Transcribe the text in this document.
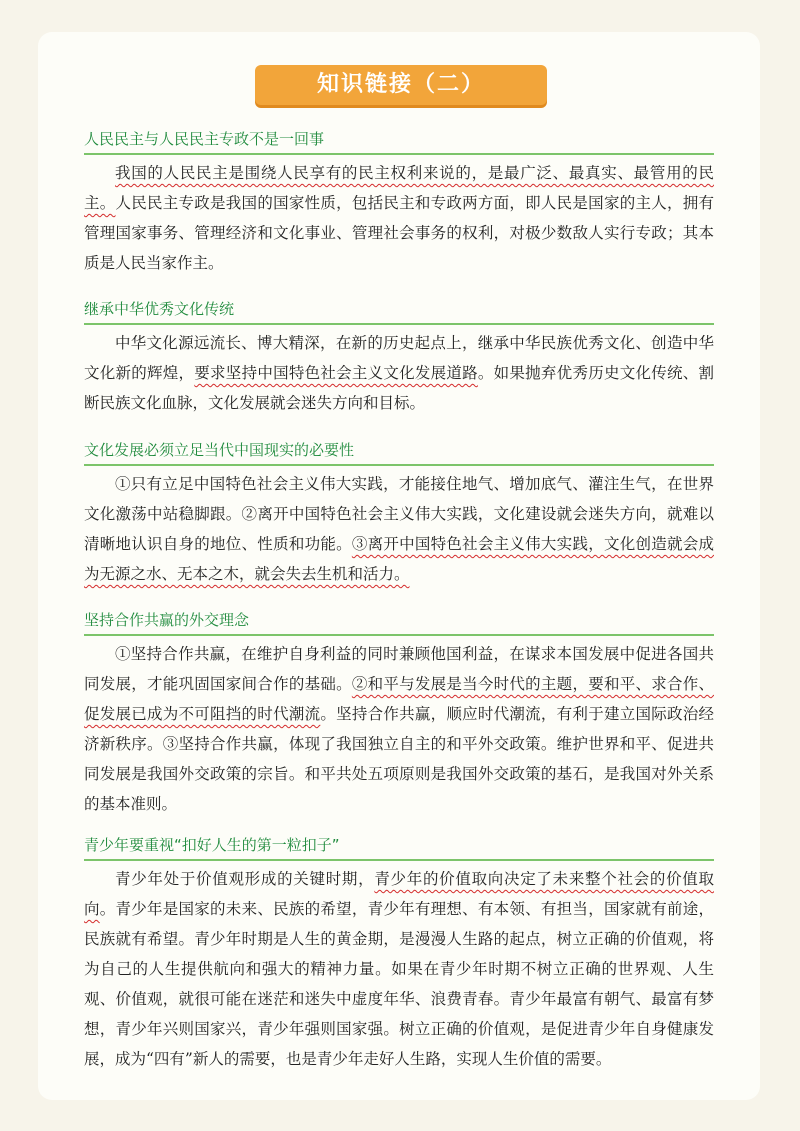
知识链接（二）
人民民主与人民民主专政不是一回事

我国的人民民主是围绕人民享有的民主权利来说的，是最广泛、最真实、最管用的民主。人民民主专政是我国的国家性质，包括民主和专政两方面，即人民是国家的主人，拥有管理国家事务、管理经济和文化事业、管理社会事务的权利，对极少数敌人实行专政；其本质是人民当家作主。

继承中华优秀文化传统

中华文化源远流长、博大精深，在新的历史起点上，继承中华民族优秀文化、创造中华文化新的辉煌，要求坚持中国特色社会主义文化发展道路。如果抛弃优秀历史文化传统、割断民族文化血脉，文化发展就会迷失方向和目标。

文化发展必须立足当代中国现实的必要性

①只有立足中国特色社会主义伟大实践，才能接住地气、增加底气、灌注生气，在世界文化激荡中站稳脚跟。②离开中国特色社会主义伟大实践，文化建设就会迷失方向，就难以清晰地认识自身的地位、性质和功能。③离开中国特色社会主义伟大实践，文化创造就会成为无源之水、无本之木，就会失去生机和活力。

坚持合作共赢的外交理念

①坚持合作共赢，在维护自身利益的同时兼顾他国利益，在谋求本国发展中促进各国共同发展，才能巩固国家间合作的基础。②和平与发展是当今时代的主题，要和平、求合作、促发展已成为不可阻挡的时代潮流。坚持合作共赢，顺应时代潮流，有利于建立国际政治经济新秩序。③坚持合作共赢，体现了我国独立自主的和平外交政策。维护世界和平、促进共同发展是我国外交政策的宗旨。和平共处五项原则是我国外交政策的基石，是我国对外关系的基本准则。

青少年要重视“扣好人生的第一粒扣子”

青少年处于价值观形成的关键时期，青少年的价值取向决定了未来整个社会的价值取向。青少年是国家的未来、民族的希望，青少年有理想、有本领、有担当，国家就有前途，民族就有希望。青少年时期是人生的黄金期，是漫漫人生路的起点，树立正确的价值观，将为自己的人生提供航向和强大的精神力量。如果在青少年时期不树立正确的世界观、人生观、价值观，就很可能在迷茫和迷失中虚度年华、浪费青春。青少年最富有朝气、最富有梦想，青少年兴则国家兴，青少年强则国家强。树立正确的价值观，是促进青少年自身健康发展，成为“四有”新人的需要，也是青少年走好人生路，实现人生价值的需要。
